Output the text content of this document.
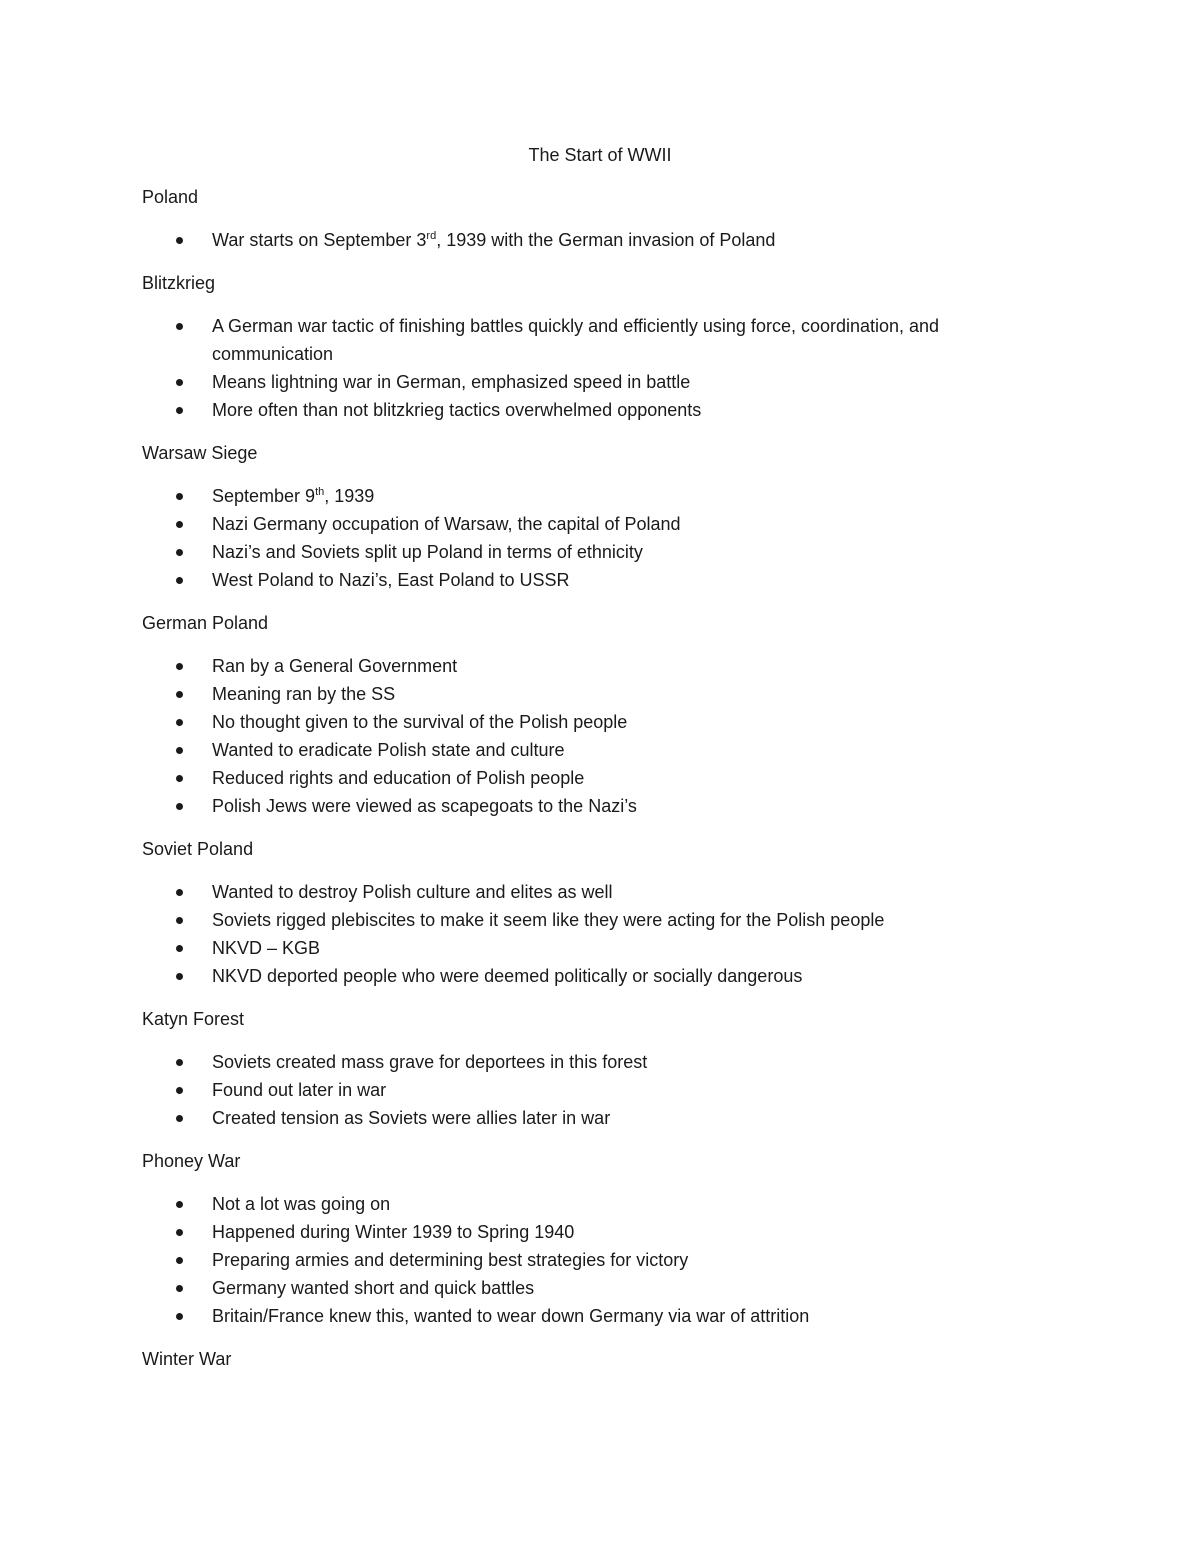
The Start of WWII
Poland
War starts on September 3rd, 1939 with the German invasion of Poland
Blitzkrieg
A German war tactic of finishing battles quickly and efficiently using force, coordination, and communication
Means lightning war in German, emphasized speed in battle
More often than not blitzkrieg tactics overwhelmed opponents
Warsaw Siege
September 9th, 1939
Nazi Germany occupation of Warsaw, the capital of Poland
Nazi’s and Soviets split up Poland in terms of ethnicity
West Poland to Nazi’s, East Poland to USSR
German Poland
Ran by a General Government
Meaning ran by the SS
No thought given to the survival of the Polish people
Wanted to eradicate Polish state and culture
Reduced rights and education of Polish people
Polish Jews were viewed as scapegoats to the Nazi’s
Soviet Poland
Wanted to destroy Polish culture and elites as well
Soviets rigged plebiscites to make it seem like they were acting for the Polish people
NKVD – KGB
NKVD deported people who were deemed politically or socially dangerous
Katyn Forest
Soviets created mass grave for deportees in this forest
Found out later in war
Created tension as Soviets were allies later in war
Phoney War
Not a lot was going on
Happened during Winter 1939 to Spring 1940
Preparing armies and determining best strategies for victory
Germany wanted short and quick battles
Britain/France knew this, wanted to wear down Germany via war of attrition
Winter War
